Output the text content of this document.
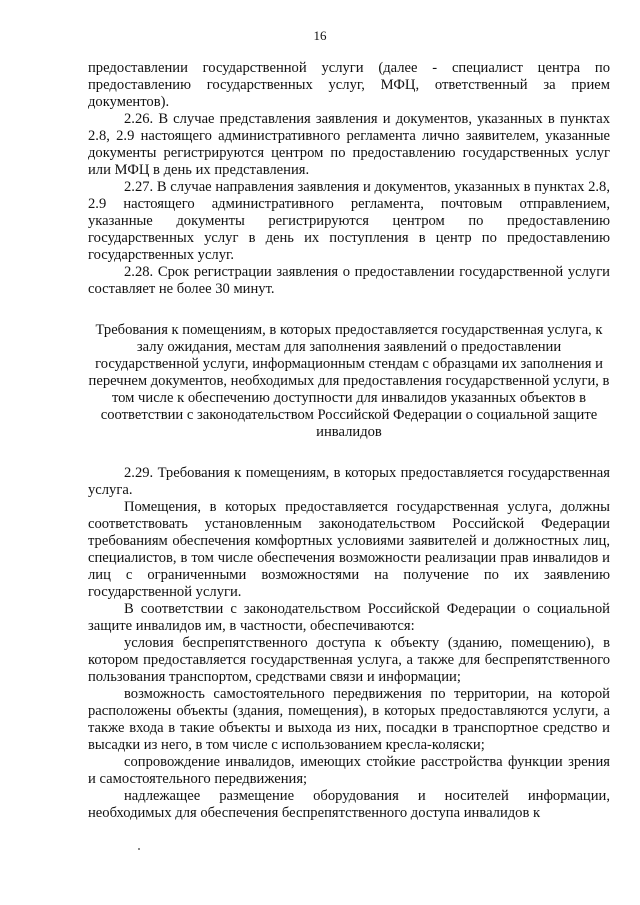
16

предоставлении государственной услуги (далее - специалист центра по предоставлению государственных услуг, МФЦ, ответственный за прием документов).

2.26. В случае представления заявления и документов, указанных в пунктах 2.8, 2.9 настоящего административного регламента лично заявителем, указанные документы регистрируются центром по предоставлению государственных услуг или МФЦ в день их представления.

2.27. В случае направления заявления и документов, указанных в пунктах 2.8, 2.9 настоящего административного регламента, почтовым отправлением, указанные документы регистрируются центром по предоставлению государственных услуг в день их поступления в центр по предоставлению государственных услуг.

2.28. Срок регистрации заявления о предоставлении государственной услуги составляет не более 30 минут.

Требования к помещениям, в которых предоставляется государственная услуга, к залу ожидания, местам для заполнения заявлений о предоставлении государственной услуги, информационным стендам с образцами их заполнения и перечнем документов, необходимых для предоставления государственной услуги, в том числе к обеспечению доступности для инвалидов указанных объектов в соответствии с законодательством Российской Федерации о социальной защите инвалидов

2.29. Требования к помещениям, в которых предоставляется государственная услуга.

Помещения, в которых предоставляется государственная услуга, должны соответствовать установленным законодательством Российской Федерации требованиям обеспечения комфортных условиями заявителей и должностных лиц, специалистов, в том числе обеспечения возможности реализации прав инвалидов и лиц с ограниченными возможностями на получение по их заявлению государственной услуги.

В соответствии с законодательством Российской Федерации о социальной защите инвалидов им, в частности, обеспечиваются:

условия беспрепятственного доступа к объекту (зданию, помещению), в котором предоставляется государственная услуга, а также для беспрепятственного пользования транспортом, средствами связи и информации;

возможность самостоятельного передвижения по территории, на которой расположены объекты (здания, помещения), в которых предоставляются услуги, а также входа в такие объекты и выхода из них, посадки в транспортное средство и высадки из него, в том числе с использованием кресла-коляски;

сопровождение инвалидов, имеющих стойкие расстройства функции зрения и самостоятельного передвижения;

надлежащее размещение оборудования и носителей информации, необходимых для обеспечения беспрепятственного доступа инвалидов к
